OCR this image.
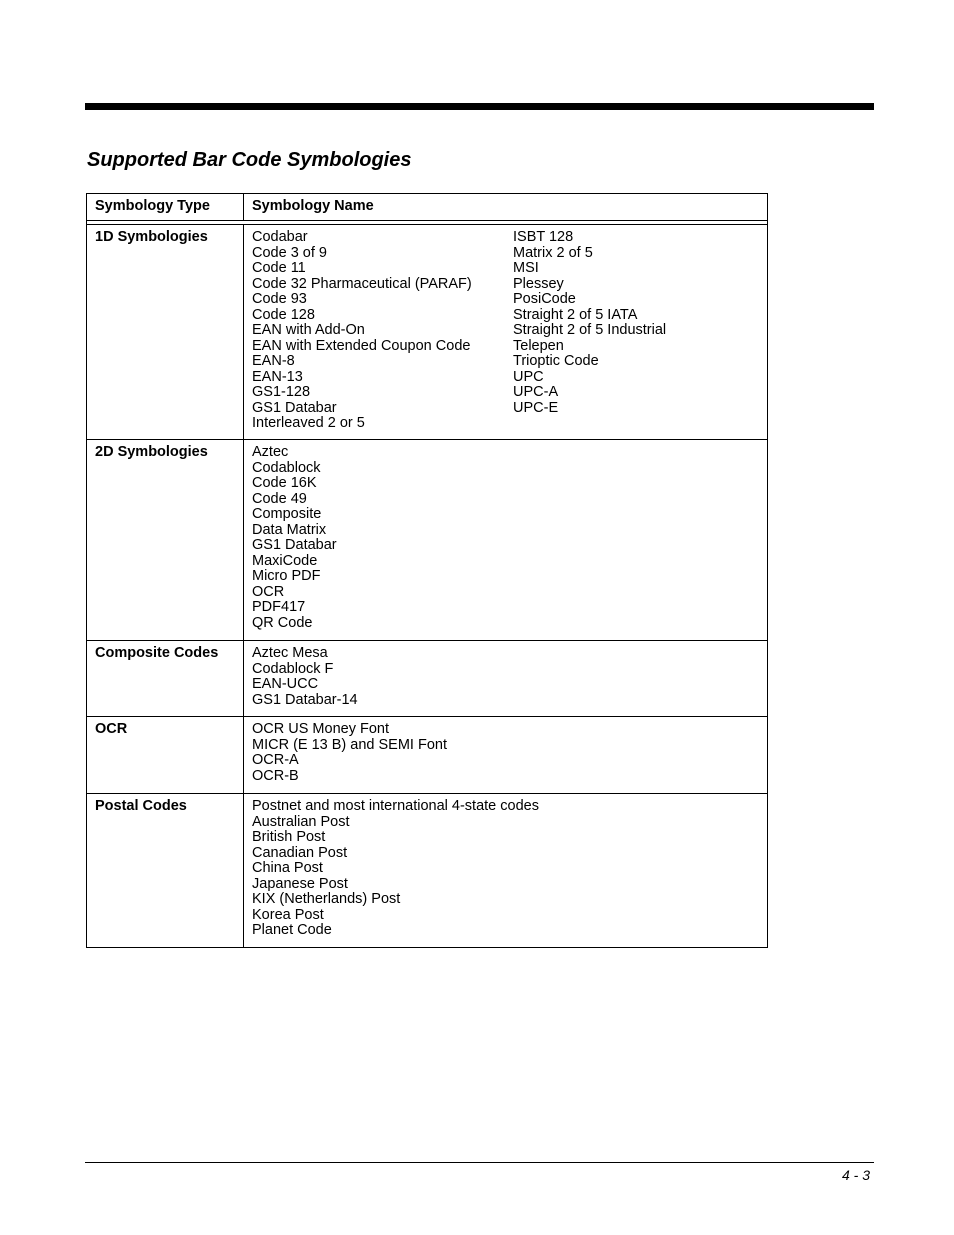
Supported Bar Code Symbologies
Symbology Type	Symbology Name
1D Symbologies	Codabar
Code 3 of 9
Code 11
Code 32 Pharmaceutical (PARAF)
Code 93
Code 128
EAN with Add-On
EAN with Extended Coupon Code
EAN-8
EAN-13
GS1-128
GS1 Databar
Interleaved 2 or 5
ISBT 128
Matrix 2 of 5
MSI
Plessey
PosiCode
Straight 2 of 5 IATA
Straight 2 of 5 Industrial
Telepen
Trioptic Code
UPC
UPC-A
UPC-E
2D Symbologies	Aztec
Codablock
Code 16K
Code 49
Composite
Data Matrix
GS1 Databar
MaxiCode
Micro PDF
OCR
PDF417
QR Code
Composite Codes	Aztec Mesa
Codablock F
EAN-UCC
GS1 Databar-14
OCR	OCR US Money Font
MICR (E 13 B) and SEMI Font
OCR-A
OCR-B
Postal Codes	Postnet and most international 4-state codes
Australian Post
British Post
Canadian Post
China Post
Japanese Post
KIX (Netherlands) Post
Korea Post
Planet Code
4 - 3
